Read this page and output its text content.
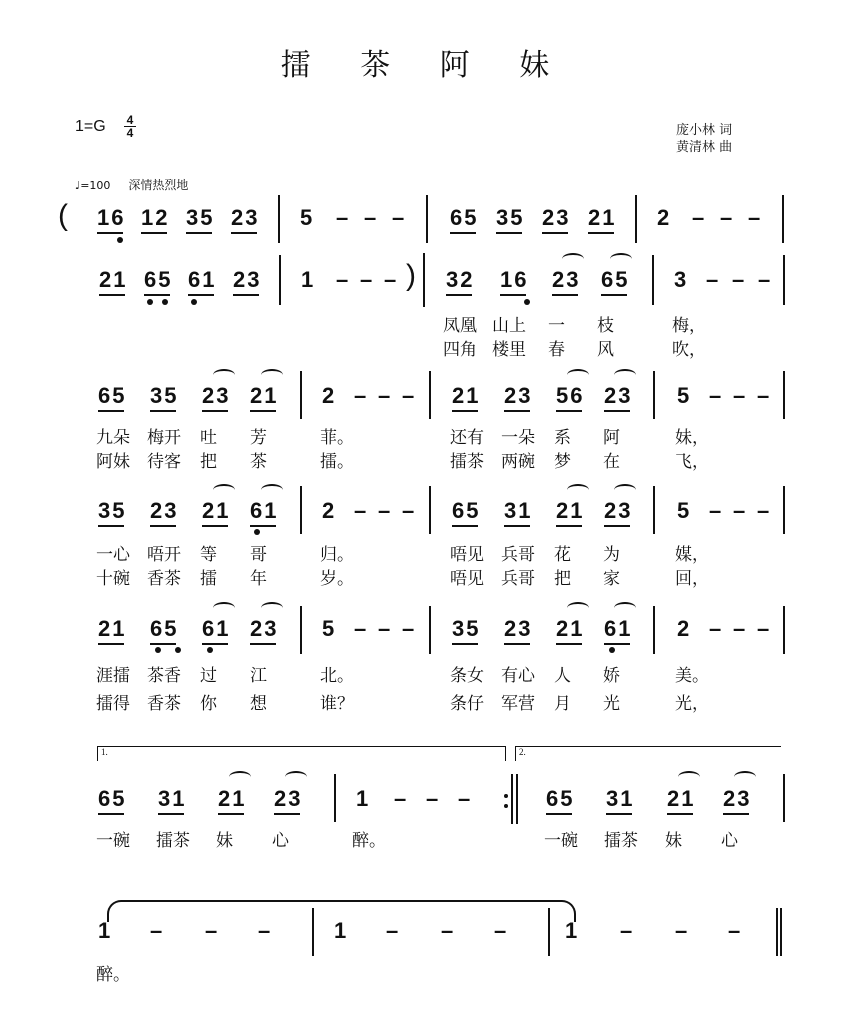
擂 茶 阿 妹
1=G 4
4	庞小林 词
黄清林 曲
♩=100 深情热烈地
( 16 12 35 23 5 – – – 65 35 23 21 2 – – –
21 65 61 23 1 – – – ) 32 16 23 65 3 – – –
凤凰 山上 一 枝	梅，
四角 楼里 春 风	吹，
65 35 23 21 2 – – – 21 23 56 23 5 – – –
九朵 梅开 吐 芳	菲。	还有 一朵 系 阿	妹，
阿妹 待客 把 茶	擂。	擂茶 两碗 梦 在	飞，
35 23 21 61 2 – – – 65 31 21 23 5 – – –
一心 唔开 等 哥	归。	唔见 兵哥 花 为	媒，
十碗 香茶 擂 年	岁。	唔见 兵哥 把 家	回，
21 65 61 23 5 – – – 35 23 21 61 2 – – –
涯擂 茶香 过 江	北。	条女 有心 人 娇	美。
擂得 香茶 你 想	谁？	条仔 军营 月 光	光，
1.	2.
65 31 21 23 1 – – –	65 31 21 23
一碗 擂茶 妹 心	醉。	一碗 擂茶 妹 心
1 – – –	1 – – –	1 – – –
醉。
